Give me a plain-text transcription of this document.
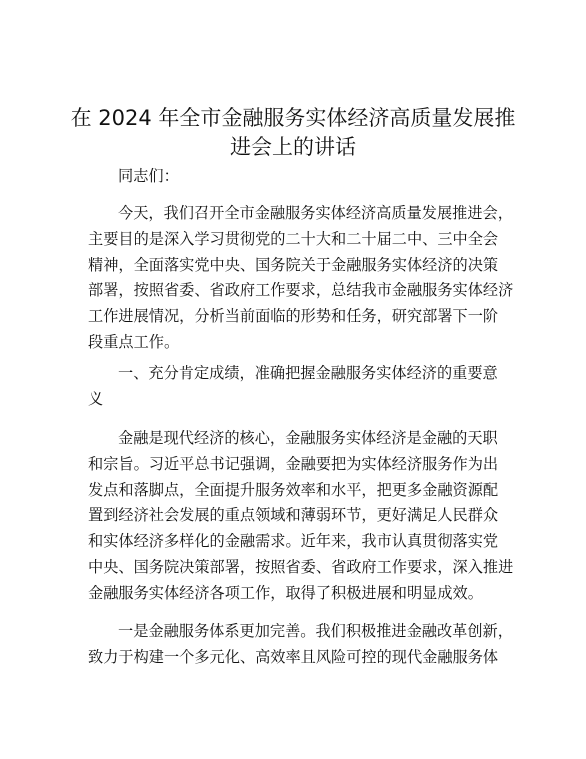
在 2024 年全市金融服务实体经济高质量发展推
进会上的讲话

同志们：

今天，我们召开全市金融服务实体经济高质量发展推进会，
主要目的是深入学习贯彻党的二十大和二十届二中、三中全会
精神，全面落实党中央、国务院关于金融服务实体经济的决策
部署，按照省委、省政府工作要求，总结我市金融服务实体经济
工作进展情况，分析当前面临的形势和任务，研究部署下一阶
段重点工作。

一、充分肯定成绩，准确把握金融服务实体经济的重要意
义

金融是现代经济的核心，金融服务实体经济是金融的天职
和宗旨。习近平总书记强调，金融要把为实体经济服务作为出
发点和落脚点，全面提升服务效率和水平，把更多金融资源配
置到经济社会发展的重点领域和薄弱环节，更好满足人民群众
和实体经济多样化的金融需求。近年来，我市认真贯彻落实党
中央、国务院决策部署，按照省委、省政府工作要求，深入推进
金融服务实体经济各项工作，取得了积极进展和明显成效。

一是金融服务体系更加完善。我们积极推进金融改革创新，
致力于构建一个多元化、高效率且风险可控的现代金融服务体
